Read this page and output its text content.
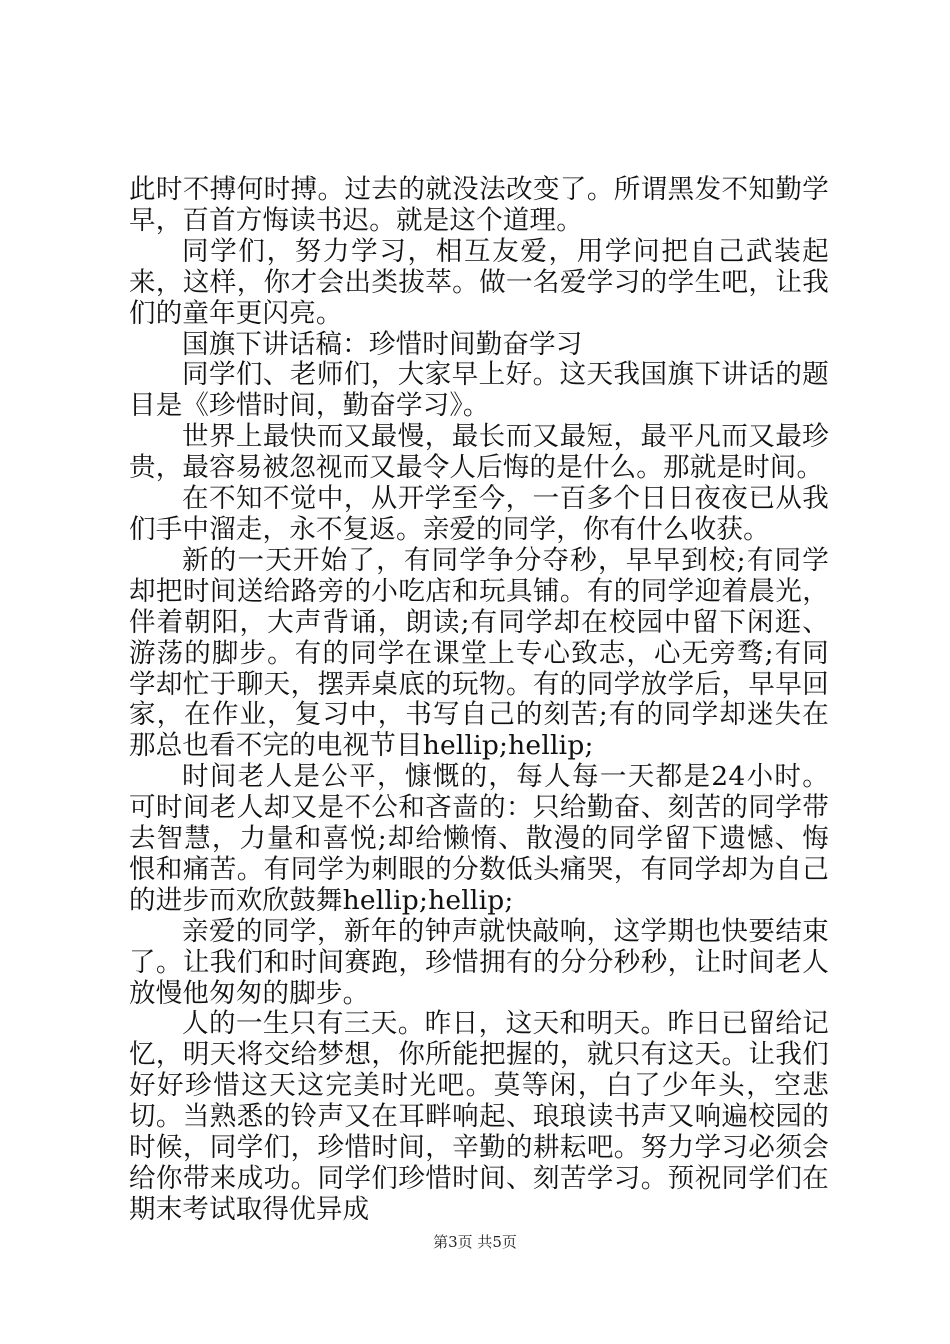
此时不搏何时搏。过去的就没法改变了。所谓黑发不知勤学早，百首方悔读书迟。就是这个道理。

同学们，努力学习，相互友爱，用学问把自己武装起来，这样，你才会出类拔萃。做一名爱学习的学生吧，让我们的童年更闪亮。

国旗下讲话稿：珍惜时间勤奋学习

同学们、老师们，大家早上好。这天我国旗下讲话的题目是《珍惜时间，勤奋学习》。

世界上最快而又最慢，最长而又最短，最平凡而又最珍贵，最容易被忽视而又最令人后悔的是什么。那就是时间。

在不知不觉中，从开学至今，一百多个日日夜夜已从我们手中溜走，永不复返。亲爱的同学，你有什么收获。

新的一天开始了，有同学争分夺秒，早早到校;有同学却把时间送给路旁的小吃店和玩具铺。有的同学迎着晨光，伴着朝阳，大声背诵，朗读;有同学却在校园中留下闲逛、游荡的脚步。有的同学在课堂上专心致志，心无旁骛;有同学却忙于聊天，摆弄桌底的玩物。有的同学放学后，早早回家，在作业，复习中，书写自己的刻苦;有的同学却迷失在那总也看不完的电视节目hellip;hellip;

时间老人是公平，慷慨的，每人每一天都是24小时。可时间老人却又是不公和吝啬的：只给勤奋、刻苦的同学带去智慧，力量和喜悦;却给懒惰、散漫的同学留下遗憾、悔恨和痛苦。有同学为刺眼的分数低头痛哭，有同学却为自己的进步而欢欣鼓舞hellip;hellip;

亲爱的同学，新年的钟声就快敲响，这学期也快要结束了。让我们和时间赛跑，珍惜拥有的分分秒秒，让时间老人放慢他匆匆的脚步。

人的一生只有三天。昨日，这天和明天。昨日已留给记忆，明天将交给梦想，你所能把握的，就只有这天。让我们好好珍惜这天这完美时光吧。莫等闲，白了少年头，空悲切。当熟悉的铃声又在耳畔响起、琅琅读书声又响遍校园的时候，同学们，珍惜时间，辛勤的耕耘吧。努力学习必须会给你带来成功。同学们珍惜时间、刻苦学习。预祝同学们在期末考试取得优异成

第3页 共5页
